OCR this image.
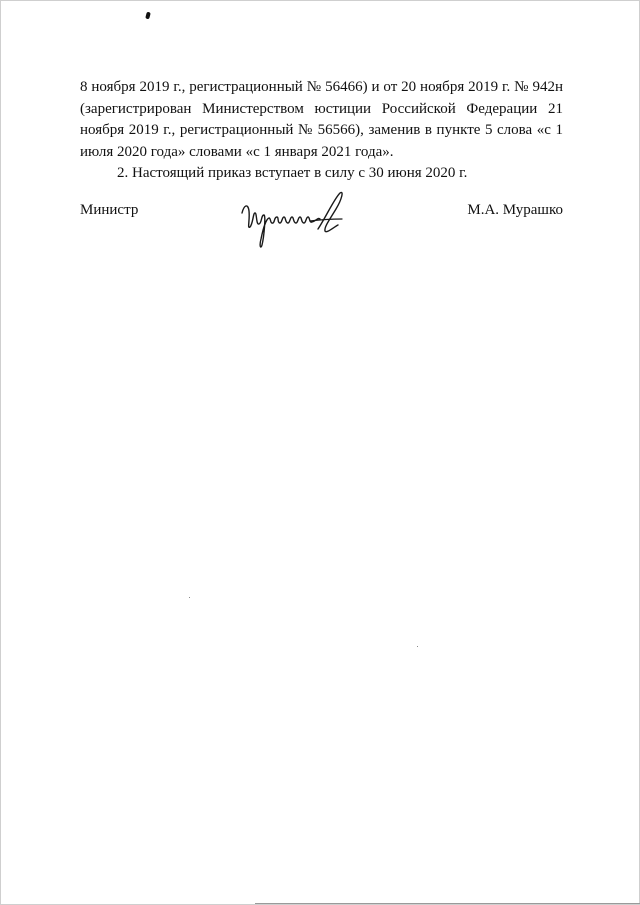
8 ноября 2019 г., регистрационный № 56466) и от 20 ноября 2019 г. № 942н (зарегистрирован Министерством юстиции Российской Федерации 21 ноября 2019 г., регистрационный № 56566), заменив в пункте 5 слова «с 1 июля 2020 года» словами «с 1 января 2021 года».

2. Настоящий приказ вступает в силу с 30 июня 2020 г.

Министр	М.А. Мурашко
